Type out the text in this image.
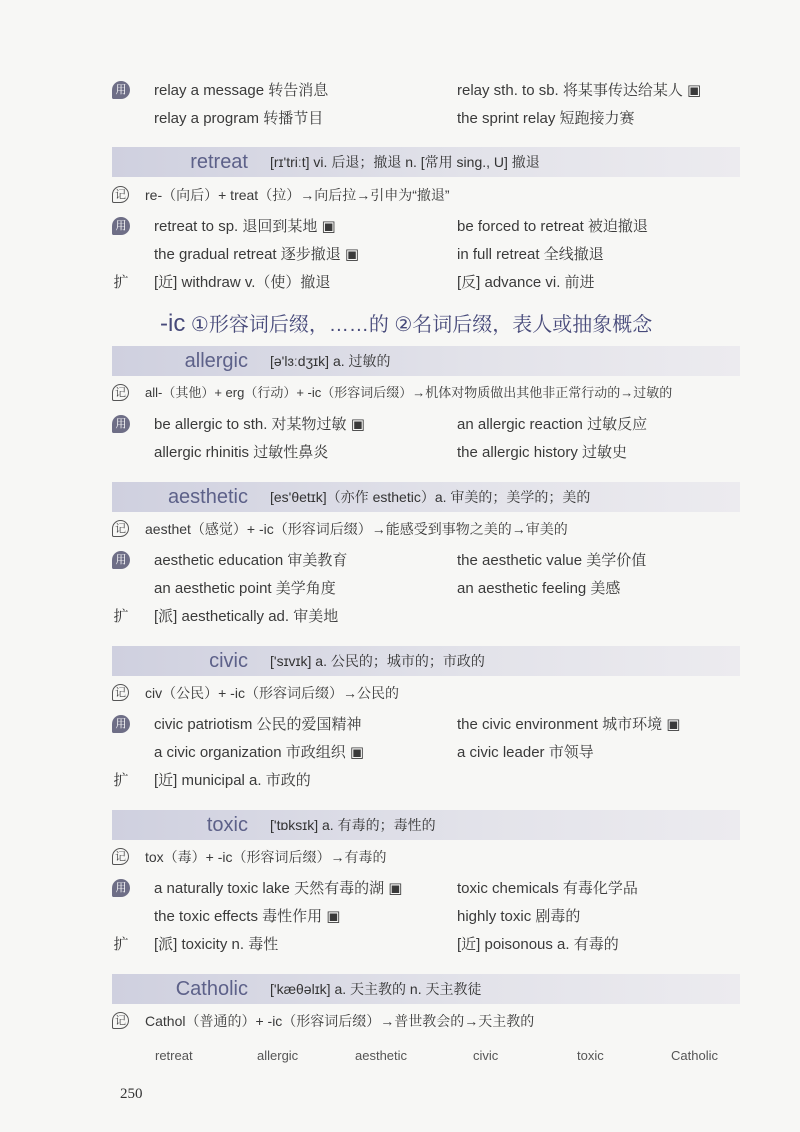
用 relay a message 转告消息	relay sth. to sb. 将某事传达给某人 ▣
relay a program 转播节目	the sprint relay 短跑接力赛
retreat [rɪ'triːt] vi. 后退；撤退 n. [常用 sing., U] 撤退
记 re-（向后）+ treat（拉）→向后拉→引申为“撤退”
用 retreat to sp. 退回到某地 ▣	be forced to retreat 被迫撤退
the gradual retreat 逐步撤退 ▣	in full retreat 全线撤退
扩 [近] withdraw v.（使）撤退	[反] advance vi. 前进
-ic ①形容词后缀，……的 ②名词后缀，表人或抽象概念
allergic [ə'lɜːdʒɪk] a. 过敏的
记 all-（其他）+ erg（行动）+ -ic（形容词后缀）→机体对物质做出其他非正常行动的→过敏的
用 be allergic to sth. 对某物过敏 ▣	an allergic reaction 过敏反应
allergic rhinitis 过敏性鼻炎	the allergic history 过敏史
aesthetic [es'θetɪk]（亦作 esthetic）a. 审美的；美学的；美的
记 aesthet（感觉）+ -ic（形容词后缀）→能感受到事物之美的→审美的
用 aesthetic education 审美教育	the aesthetic value 美学价值
an aesthetic point 美学角度	an aesthetic feeling 美感
扩 [派] aesthetically ad. 审美地
civic ['sɪvɪk] a. 公民的；城市的；市政的
记 civ（公民）+ -ic（形容词后缀）→公民的
用 civic patriotism 公民的爱国精神	the civic environment 城市环境 ▣
a civic organization 市政组织 ▣	a civic leader 市领导
扩 [近] municipal a. 市政的
toxic ['tɒksɪk] a. 有毒的；毒性的
记 tox（毒）+ -ic（形容词后缀）→有毒的
用 a naturally toxic lake 天然有毒的湖 ▣	toxic chemicals 有毒化学品
the toxic effects 毒性作用 ▣	highly toxic 剧毒的
扩 [派] toxicity n. 毒性	[近] poisonous a. 有毒的
Catholic ['kæθəlɪk] a. 天主教的 n. 天主教徒
记 Cathol（普通的）+ -ic（形容词后缀）→普世教会的→天主教的
retreat	allergic	aesthetic	civic	toxic	Catholic
250
